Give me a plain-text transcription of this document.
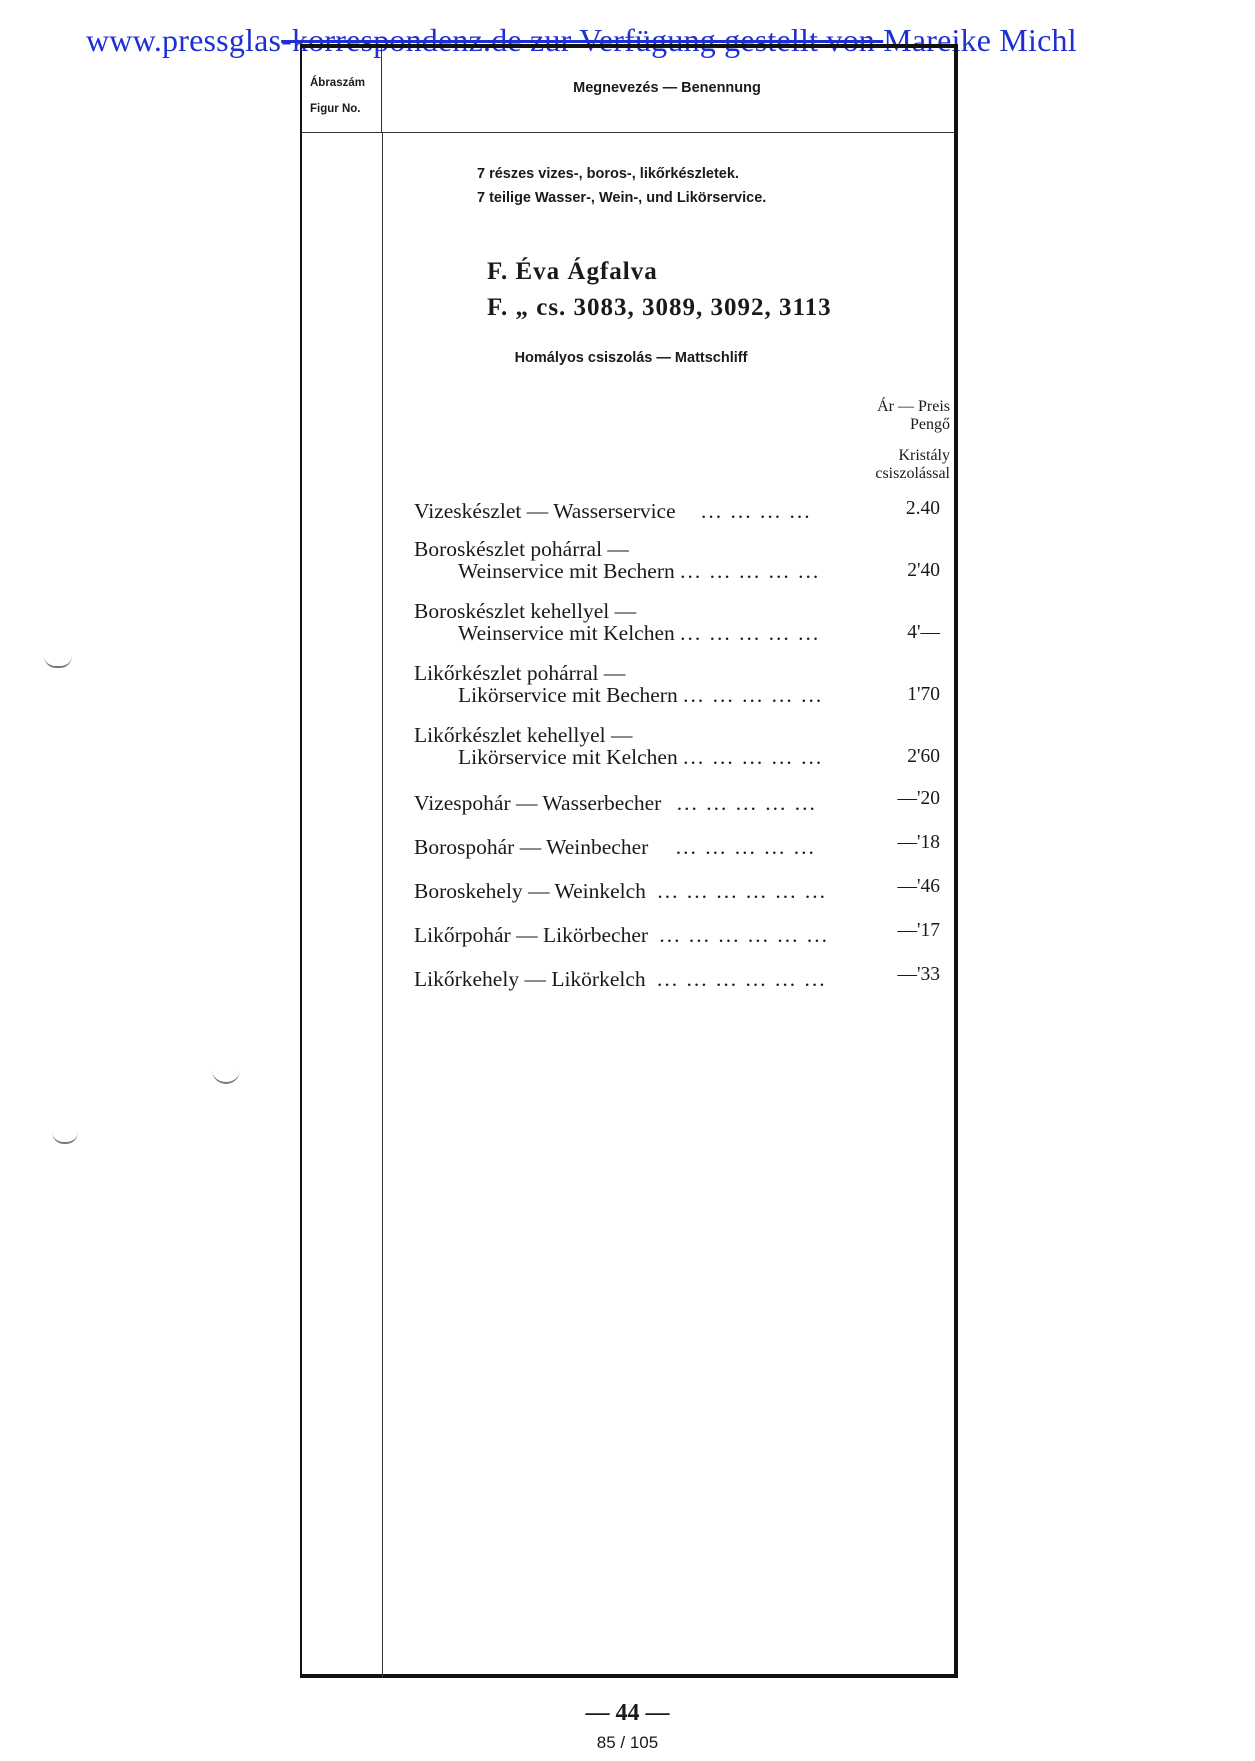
www.pressglas-korrespondenz.de zur Verfügung gestellt von Mareike Michl
Ábraszám
Figur No.
Megnevezés — Benennung
7 részes vizes-, boros-, likőrkészletek.
7 teilige Wasser-, Wein-, und Likörservice.
F. Éva Ágfalva
F. „ cs. 3083, 3089, 3092, 3113
Homályos csiszolás — Mattschliff
Ár — Preis
Pengő
Kristály
csiszolással
Vizeskészlet — Wasserservice ... ... ... ...	2.40
Boroskészlet pohárral —
Weinservice mit Bechern ... ... ... ... ...	2'40
Boroskészlet kehellyel —
Weinservice mit Kelchen ... ... ... ... ...	4'—
Likőrkészlet pohárral —
Likörservice mit Bechern ... ... ... ... ...	1'70
Likőrkészlet kehellyel —
Likörservice mit Kelchen ... ... ... ... ...	2'60
Vizespohár — Wasserbecher ... ... ... ... ...	—'20
Borospohár — Weinbecher ... ... ... ... ...	—'18
Boroskehely — Weinkelch ... ... ... ... ... ...	—'46
Likőrpohár — Likörbecher ... ... ... ... ... ...	—'17
Likőrkehely — Likörkelch ... ... ... ... ... ...	—'33
— 44 —
85 / 105
